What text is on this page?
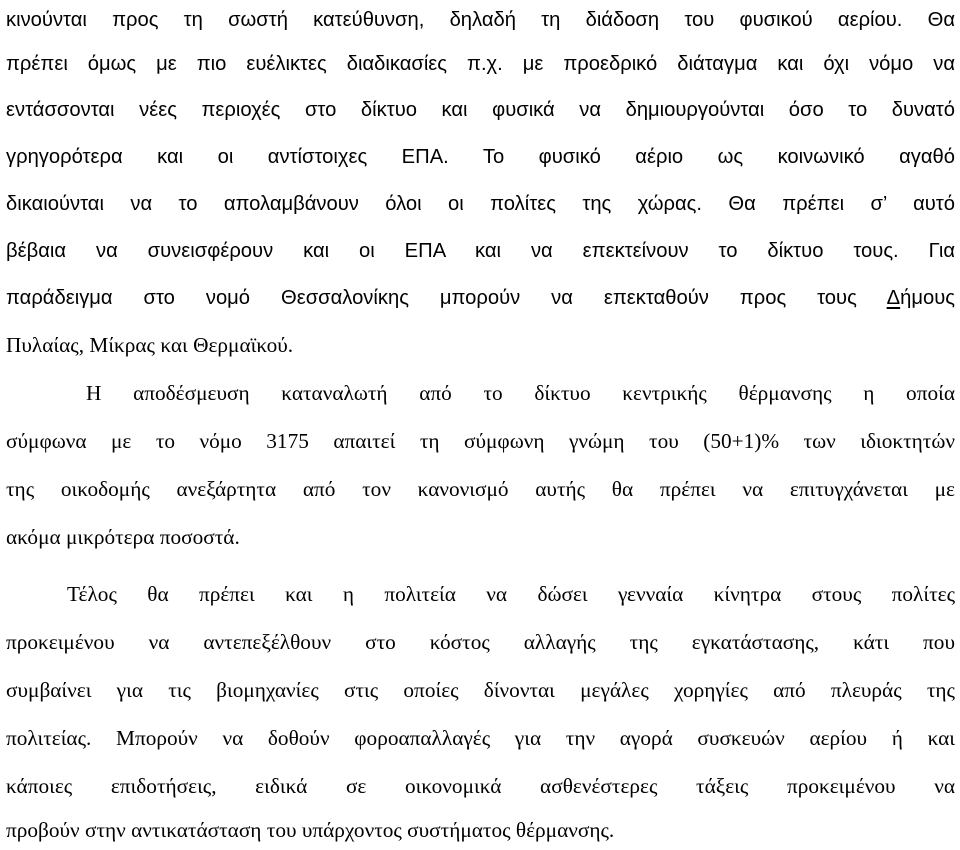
κινούνται προς τη σωστή κατεύθυνση, δηλαδή τη διάδοση του φυσικού αερίου. Θα
πρέπει όμως με πιο ευέλικτες διαδικασίες π.χ. με προεδρικό διάταγμα και όχι νόμο να
εντάσσονται νέες περιοχές στο δίκτυο και φυσικά να δημιουργούνται όσο το δυνατό
γρηγορότερα και οι αντίστοιχες ΕΠΑ. Το φυσικό αέριο ως κοινωνικό αγαθό
δικαιούνται να το απολαμβάνουν όλοι οι πολίτες της χώρας. Θα πρέπει σ’ αυτό
βέβαια να συνεισφέρουν και οι ΕΠΑ και να επεκτείνουν το δίκτυο τους. Για
παράδειγμα στο νομό Θεσσαλονίκης μπορούν να επεκταθούν προς τους Δήμους
Πυλαίας, Μίκρας και Θερμαϊκού.
Η αποδέσμευση καταναλωτή από το δίκτυο κεντρικής θέρμανσης η οποία
σύμφωνα με το νόμο 3175 απαιτεί τη σύμφωνη γνώμη του (50+1)% των ιδιοκτητών
της οικοδομής ανεξάρτητα από τον κανονισμό αυτής θα πρέπει να επιτυγχάνεται με
ακόμα μικρότερα ποσοστά.
Τέλος θα πρέπει και η πολιτεία να δώσει γενναία κίνητρα στους πολίτες
προκειμένου να αντεπεξέλθουν στο κόστος αλλαγής της εγκατάστασης, κάτι που
συμβαίνει για τις βιομηχανίες στις οποίες δίνονται μεγάλες χορηγίες από πλευράς της
πολιτείας. Μπορούν να δοθούν φοροαπαλλαγές για την αγορά συσκευών αερίου ή και
κάποιες επιδοτήσεις, ειδικά σε οικονομικά ασθενέστερες τάξεις προκειμένου να
προβούν στην αντικατάσταση του υπάρχοντος συστήματος θέρμανσης.
